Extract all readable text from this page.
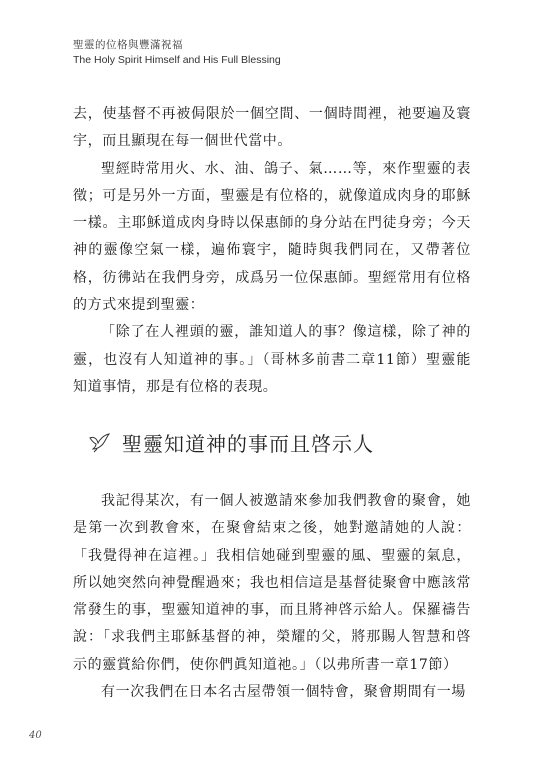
聖靈的位格與豐滿祝福
The Holy Spirit Himself and His Full Blessing

去，使基督不再被侷限於一個空間、一個時間裡，祂要遍及寰宇，而且顯現在每一個世代當中。

聖經時常用火、水、油、鴿子、氣……等，來作聖靈的表徵；可是另外一方面，聖靈是有位格的，就像道成肉身的耶穌一樣。主耶穌道成肉身時以保惠師的身分站在門徒身旁；今天神的靈像空氣一樣，遍佈寰宇，隨時與我們同在，又帶著位格，彷彿站在我們身旁，成爲另一位保惠師。聖經常用有位格的方式來提到聖靈：

「除了在人裡頭的靈，誰知道人的事？像這樣，除了神的靈，也沒有人知道神的事。」（哥林多前書二章11節）聖靈能知道事情，那是有位格的表現。

聖靈知道神的事而且啓示人

我記得某次，有一個人被邀請來參加我們教會的聚會，她是第一次到教會來，在聚會結束之後，她對邀請她的人說：「我覺得神在這裡。」我相信她碰到聖靈的風、聖靈的氣息，所以她突然向神覺醒過來；我也相信這是基督徒聚會中應該常常發生的事，聖靈知道神的事，而且將神啓示給人。保羅禱告說：「求我們主耶穌基督的神，榮耀的父，將那賜人智慧和啓示的靈賞給你們，使你們眞知道祂。」（以弗所書一章17節）

有一次我們在日本名古屋帶領一個特會，聚會期間有一場

40
